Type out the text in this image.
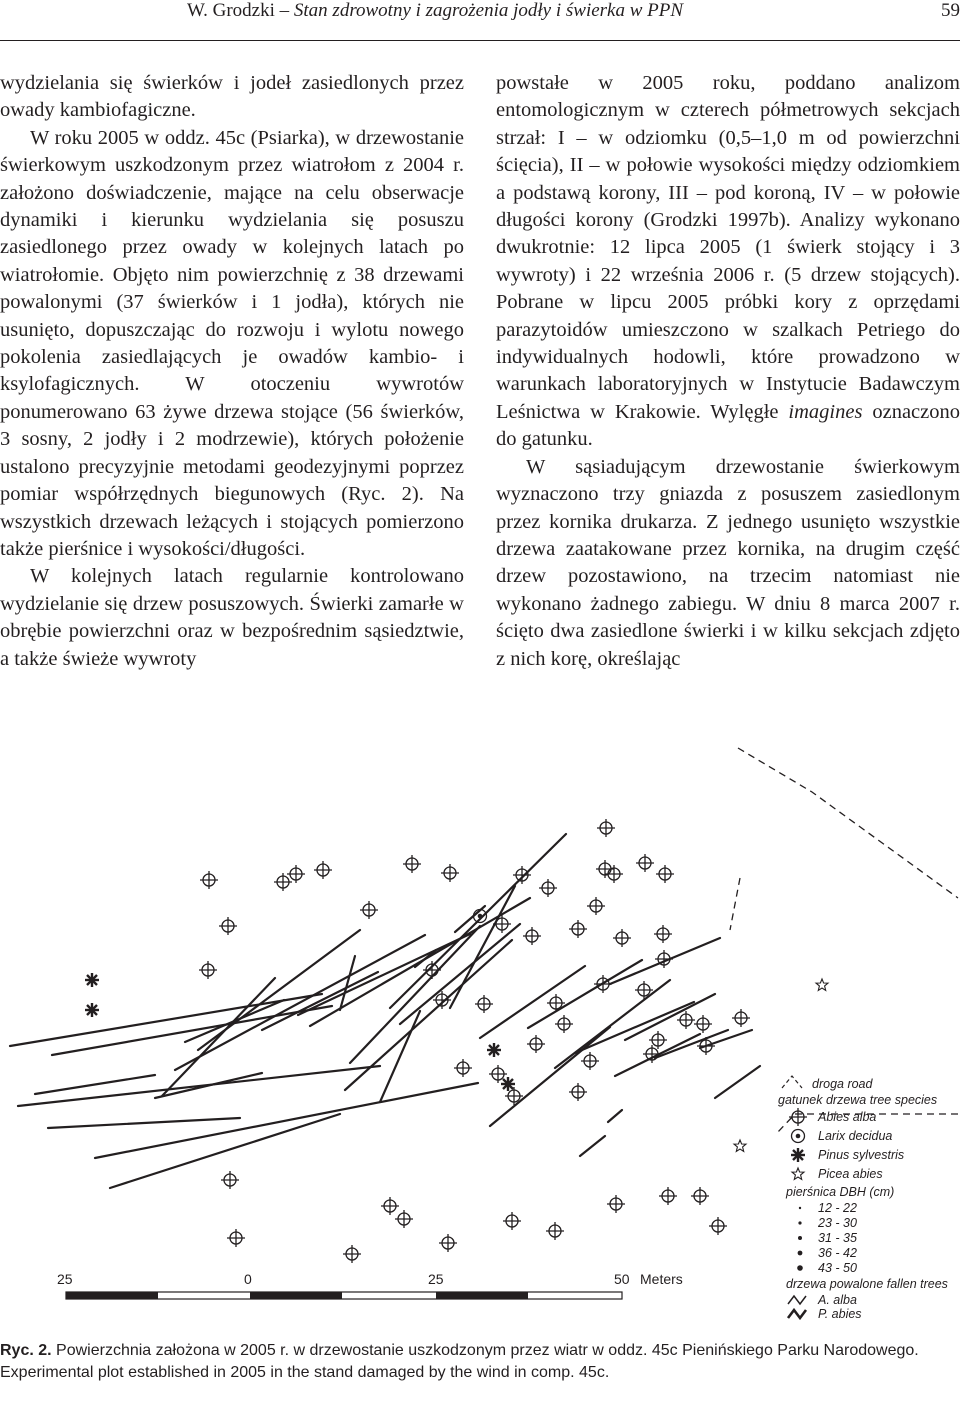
W. Grodzki – Stan zdrowotny i zagrożenia jodły i świerka w PPN	59

wydzielania się świerków i jodeł zasiedlonych przez owady kambiofagiczne.

W roku 2005 w oddz. 45c (Psiarka), w drzewostanie świerkowym uszkodzonym przez wiatrołom z 2004 r. założono doświadczenie, mające na celu obserwacje dynamiki i kierunku wydzielania się posuszu zasiedlonego przez owady w kolejnych latach po wiatrołomie. Objęto nim powierzchnię z 38 drzewami powalonymi (37 świerków i 1 jodła), których nie usunięto, dopuszczając do rozwoju i wylotu nowego pokolenia zasiedlających je owadów kambio- i ksylofagicznych. W otoczeniu wywrotów ponumerowano 63 żywe drzewa stojące (56 świerków, 3 sosny, 2 jodły i 2 modrzewie), których położenie ustalono precyzyjnie metodami geodezyjnymi poprzez pomiar współrzędnych biegunowych (Ryc. 2). Na wszystkich drzewach leżących i stojących pomierzono także pierśnice i wysokości/długości.

W kolejnych latach regularnie kontrolowano wydzielanie się drzew posuszowych. Świerki zamarłe w obrębie powierzchni oraz w bezpośrednim sąsiedztwie, a także świeże wywroty

powstałe w 2005 roku, poddano analizom entomologicznym w czterech półmetrowych sekcjach strzał: I – w odziomku (0,5–1,0 m od powierzchni ścięcia), II – w połowie wysokości między odziomkiem a podstawą korony, III – pod koroną, IV – w połowie długości korony (Grodzki 1997b). Analizy wykonano dwukrotnie: 12 lipca 2005 (1 świerk stojący i 3 wywroty) i 22 września 2006 r. (5 drzew stojących). Pobrane w lipcu 2005 próbki kory z oprzędami parazytoidów umieszczono w szalkach Petriego do indywidualnych hodowli, które prowadzono w warunkach laboratoryjnych w Instytucie Badawczym Leśnictwa w Krakowie. Wylęgłe imagines oznaczono do gatunku.

W sąsiadującym drzewostanie świerkowym wyznaczono trzy gniazda z posuszem zasiedlonym przez kornika drukarza. Z jednego usunięto wszystkie drzewa zaatakowane przez kornika, na drugim część drzew pozostawiono, na trzecim natomiast nie wykonano żadnego zabiegu. W dniu 8 marca 2007 r. ścięto dwa zasiedlone świerki i w kilku sekcjach zdjęto z nich korę, określając

droga road
gatunek drzewa tree species
Abies alba
Larix decidua
Pinus sylvestris
Picea abies
pierśnica DBH (cm)
12 - 22
23 - 30
31 - 35
36 - 42
43 - 50
drzewa powalone fallen trees
A. alba
P. abies
25	0	25	50 Meters

Ryc. 2. Powierzchnia założona w 2005 r. w drzewostanie uszkodzonym przez wiatr w oddz. 45c Pienińskiego Parku Narodowego.

Experimental plot established in 2005 in the stand damaged by the wind in comp. 45c.
